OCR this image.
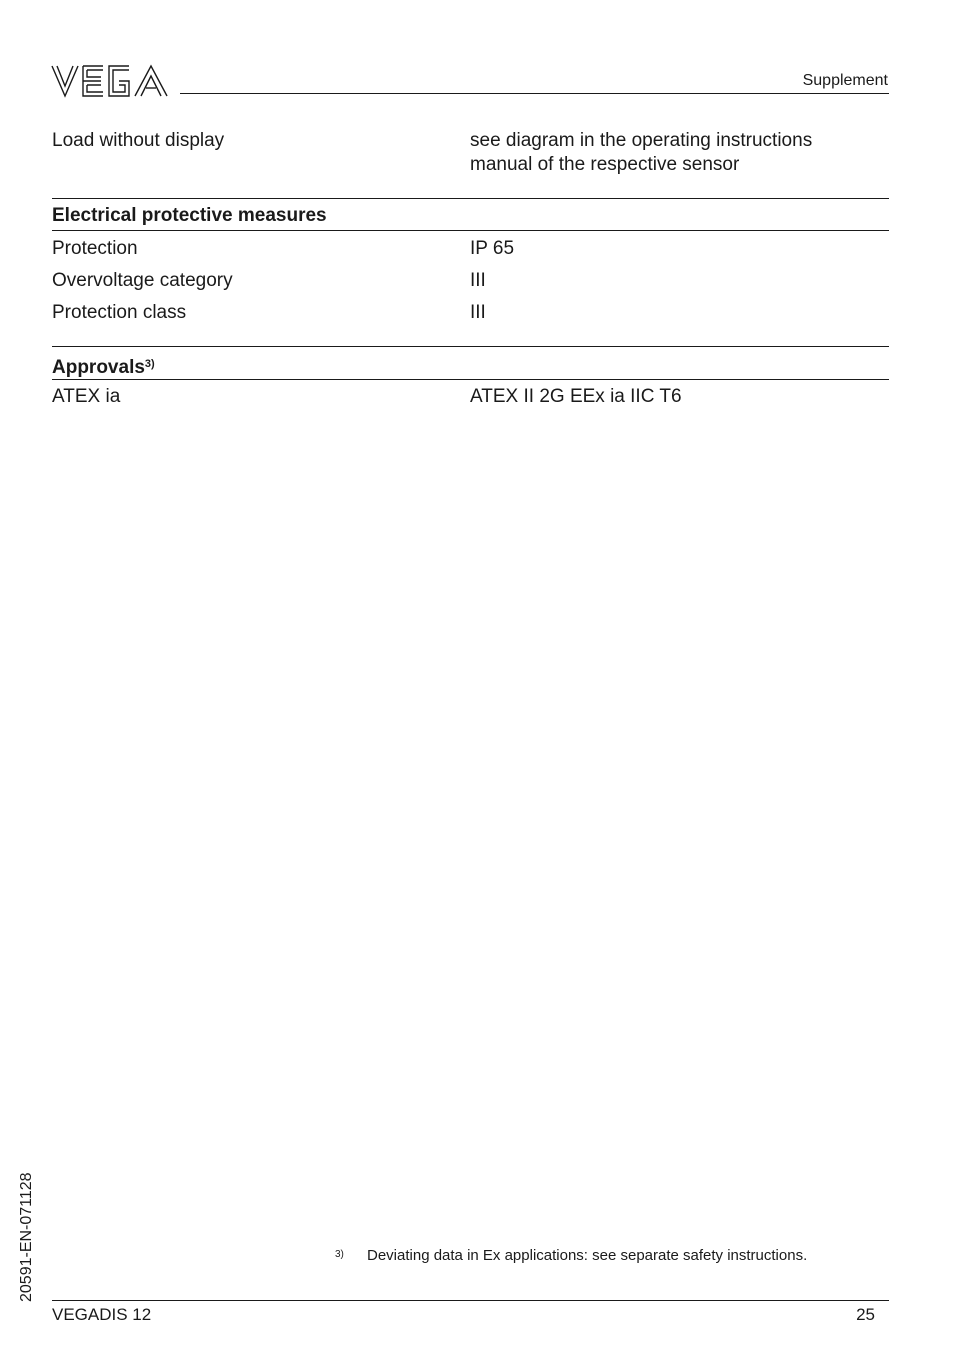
Supplement
Load without display	see diagram in the operating instructions
manual of the respective sensor
Electrical protective measures
Protection	IP 65
Overvoltage category	III
Protection class	III
Approvals$^{3)}$
ATEX ia	ATEX II 2G EEx ia IIC T6
20591-EN-071128	3) Deviating data in Ex applications: see separate safety instructions.
VEGADIS 12	25
